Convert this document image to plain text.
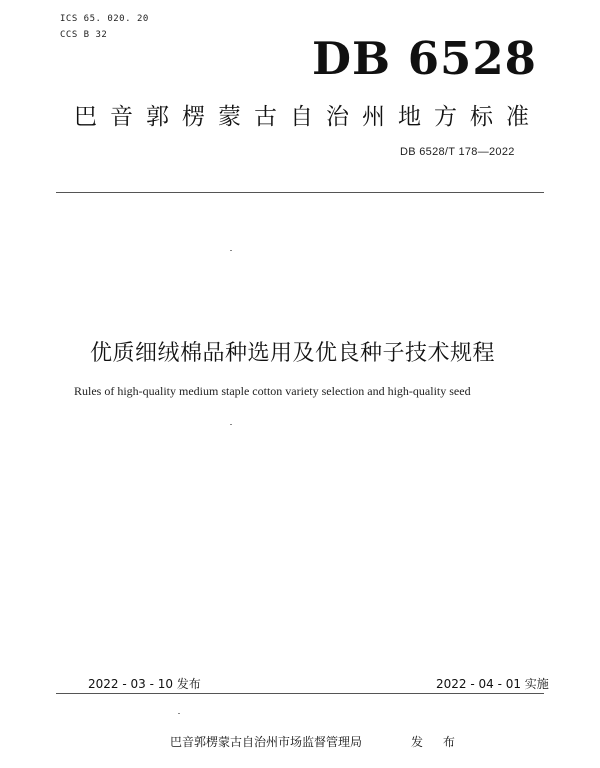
ICS 65. 020. 20
CCS B 32	DB 6528
巴音郭楞蒙古自治州地方标准
DB 6528/T 178—2022
优质细绒棉品种选用及优良种子技术规程
Rules of high-quality medium staple cotton variety selection and high-quality seed
2022 - 03 - 10 发布	2022 - 04 - 01 实施
巴音郭楞蒙古自治州市场监督管理局	发 布
